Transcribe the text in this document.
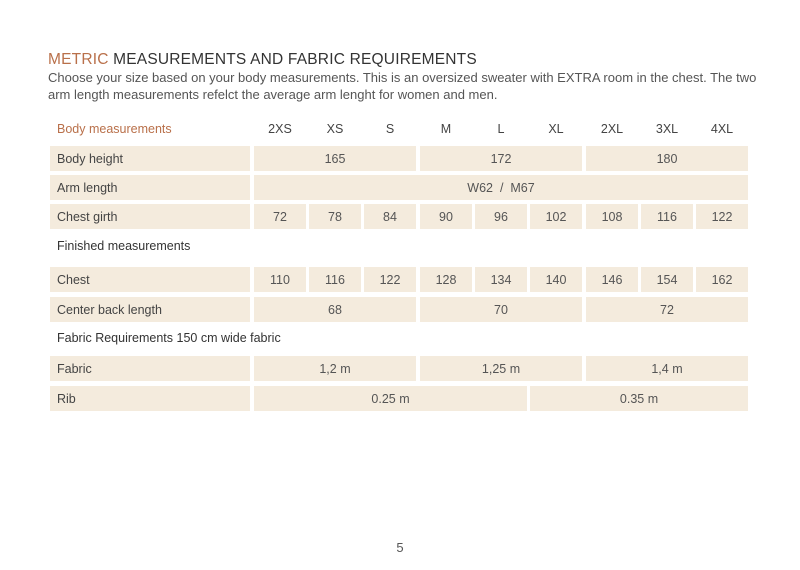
METRIC MEASUREMENTS AND FABRIC REQUIREMENTS
Choose your size based on your body measurements. This is an oversized sweater with EXTRA room in the chest. The two arm length measurements refelct the average arm lenght for women and men.
Body measurements	2XS	XS	S	M	L	XL	2XL	3XL	4XL
Body height	165	172	180
Arm length	W62  /  M67
Chest girth	72	78	84	90	96	102	108	116	122
Finished measurements
Chest	110	116	122	128	134	140	146	154	162
Center back length	68	70	72
Fabric Requirements 150 cm wide fabric
Fabric	1,2 m	1,25 m	1,4 m
Rib	0.25 m	0.35 m
5
